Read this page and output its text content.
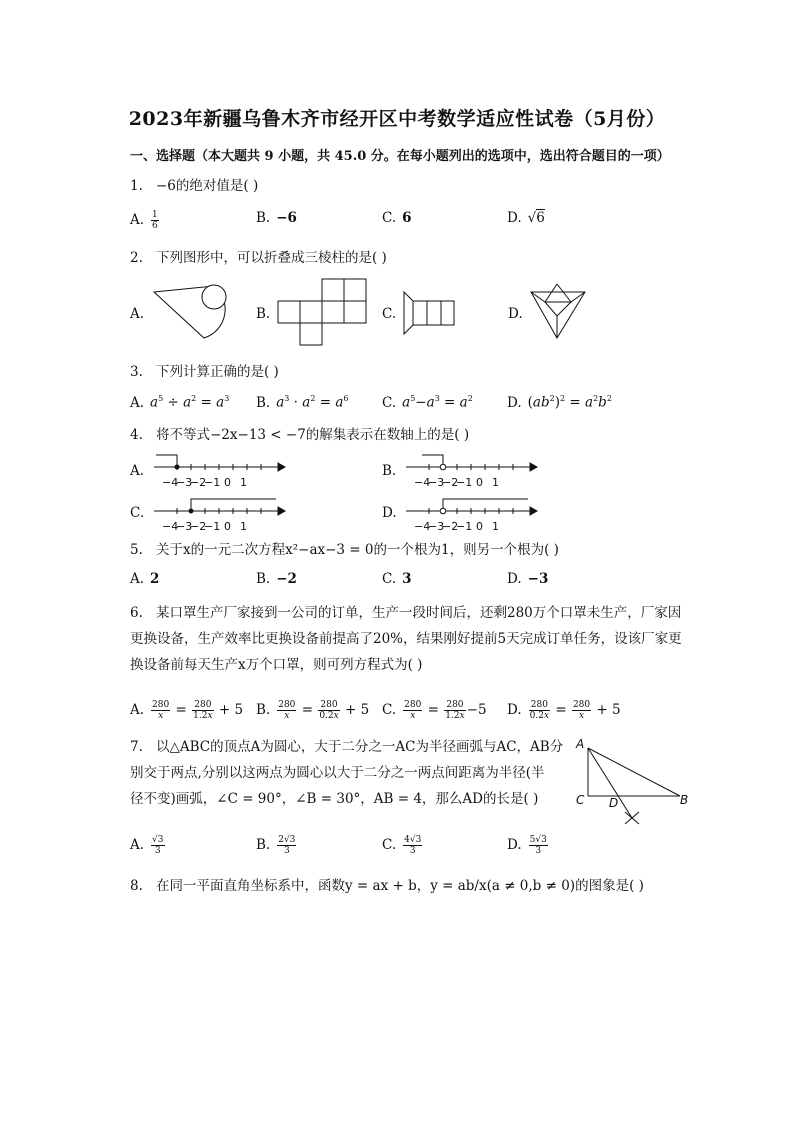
2023年新疆乌鲁木齐市经开区中考数学适应性试卷（5月份）
一、选择题（本大题共 9 小题，共 45.0 分。在每小题列出的选项中，选出符合题目的一项）
1. −6的绝对值是( )
A. $\frac{1}{6}$	B. −6	C. 6	D. √6
2. 下列图形中，可以折叠成三棱柱的是( )
A.	B.	C.	D.
3. 下列计算正确的是( )
A. $a^5 \div a^2 = a^3$ B. $a^3 \cdot a^2 = a^6$ C. $a^5-a^3 = a^2$	D. $(ab^2)^2 = a^2b^2$
4. 将不等式−2x−13 < −7的解集表示在数轴上的是( )
A.	B.
C.	D.
−4
−3
−2
−1 0 1	−4
−3
−2
−1 0 1
−4
−3
−2
−1 0 1	−4
−3
−2
−1 0 1
5. 关于x的一元二次方程x²−ax−3 = 0的一个根为1，则另一个根为( )
A. 2	B. −2	C. 3	D. −3
6. 某口罩生产厂家接到一公司的订单，生产一段时间后，还剩280万个口罩未生产，厂家因
更换设备，生产效率比更换设备前提高了20%，结果刚好提前5天完成订单任务，设该厂家更
换设备前每天生产x万个口罩，则可列方程式为( )
A. $\frac{280}{x} = \frac{280}{1.2x} + 5$ B. $\frac{280}{x} = \frac{280}{0.2x} + 5$ C. $\frac{280}{x} = \frac{280}{1.2x} -5$ D. $\frac{280}{0.2x} = \frac{280}{x} + 5$
7. 以△ABC的顶点A为圆心，大于二分之一AC为半径画弧与AC，AB分
别交于两点,分别以这两点为圆心以大于二分之一两点间距离为半径(半
径不变)画弧，∠C = 90°，∠B = 30°，AB = 4，那么AD的长是( )
A
C D	B
A. $\frac{√3}{3}$	B. $\frac{2√3}{3}$	C. $\frac{4√3}{3}$	D. $\frac{5√3}{3}$
8. 在同一平面直角坐标系中，函数y = ax + b，y = ab/x(a ≠ 0,b ≠ 0)的图象是( )
